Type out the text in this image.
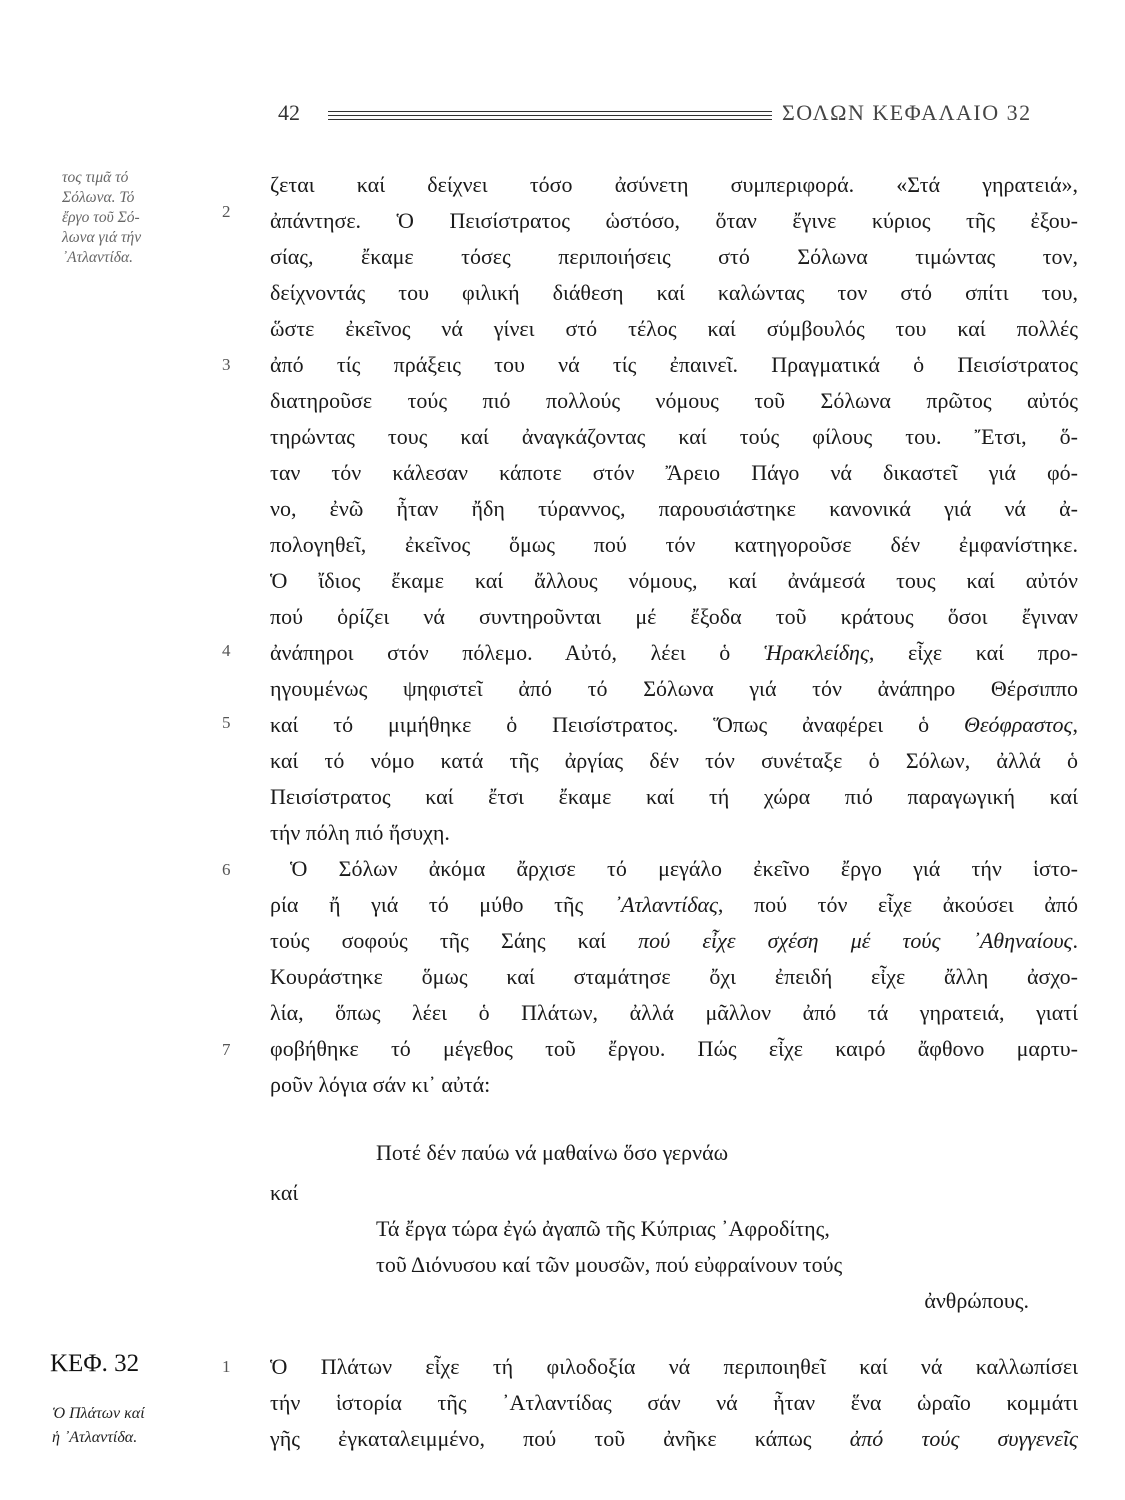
42	ΣΟΛΩΝ ΚΕΦΑΛΑΙΟ 32
τος τιμᾶ τό
Σόλωνα. Τό
ἔργο τοῦ Σό-
λωνα γιά τήν
᾽Ατλαντίδα.
2
3
4
5
6
7
1
ζεται καί δείχνει τόσο ἀσύνετη συμπεριφορά. «Στά γηρατειά»,
ἀπάντησε. Ὁ Πεισίστρατος ὡστόσο, ὅταν ἔγινε κύριος τῆς ἐξου-
σίας, ἔκαμε τόσες περιποιήσεις στό Σόλωνα τιμώντας τον,
δείχνοντάς του φιλική διάθεση καί καλώντας τον στό σπίτι του,
ὥστε ἐκεῖνος νά γίνει στό τέλος καί σύμβουλός του καί πολλές
ἀπό τίς πράξεις του νά τίς ἐπαινεῖ. Πραγματικά ὁ Πεισίστρατος
διατηροῦσε τούς πιό πολλούς νόμους τοῦ Σόλωνα πρῶτος αὐτός
τηρώντας τους καί ἀναγκάζοντας καί τούς φίλους του. Ἔτσι, ὅ-
ταν τόν κάλεσαν κάποτε στόν Ἄρειο Πάγο νά δικαστεῖ γιά φό-
νο, ἐνῶ ἦταν ἤδη τύραννος, παρουσιάστηκε κανονικά γιά νά ἀ-
πολογηθεῖ, ἐκεῖνος ὅμως πού τόν κατηγοροῦσε δέν ἐμφανίστηκε.
Ὁ ἴδιος ἔκαμε καί ἄλλους νόμους, καί ἀνάμεσά τους καί αὐτόν
πού ὁρίζει νά συντηροῦνται μέ ἔξοδα τοῦ κράτους ὅσοι ἔγιναν
ἀνάπηροι στόν πόλεμο. Αὐτό, λέει ὁ Ἡρακλείδης, εἶχε καί προ-
ηγουμένως ψηφιστεῖ ἀπό τό Σόλωνα γιά τόν ἀνάπηρο Θέρσιππο
καί τό μιμήθηκε ὁ Πεισίστρατος. Ὅπως ἀναφέρει ὁ Θεόφραστος,
καί τό νόμο κατά τῆς ἀργίας δέν τόν συνέταξε ὁ Σόλων, ἀλλά ὁ
Πεισίστρατος καί ἔτσι ἔκαμε καί τή χώρα πιό παραγωγική καί
τήν πόλη πιό ἥσυχη.
Ὁ Σόλων ἀκόμα ἄρχισε τό μεγάλο ἐκεῖνο ἔργο γιά τήν ἱστο-
ρία ἤ γιά τό μύθο τῆς ᾽Ατλαντίδας, πού τόν εἶχε ἀκούσει ἀπό
τούς σοφούς τῆς Σάης καί πού εἶχε σχέση μέ τούς ᾽Αθηναίους.
Κουράστηκε ὅμως καί σταμάτησε ὄχι ἐπειδή εἶχε ἄλλη ἀσχο-
λία, ὅπως λέει ὁ Πλάτων, ἀλλά μᾶλλον ἀπό τά γηρατειά, γιατί
φοβήθηκε τό μέγεθος τοῦ ἔργου. Πώς εἶχε καιρό ἄφθονο μαρτυ-
ροῦν λόγια σάν κι᾽ αὐτά:
Ποτέ δέν παύω νά μαθαίνω ὅσο γερνάω
καί
Τά ἔργα τώρα ἐγώ ἀγαπῶ τῆς Κύπριας ᾽Αφροδίτης,
τοῦ Διόνυσου καί τῶν μουσῶν, πού εὐφραίνουν τούς
ἀνθρώπους.
ΚΕΦ. 32
Ὁ Πλάτων καί
ἡ ᾽Ατλαντίδα.
Ὁ Πλάτων εἶχε τή φιλοδοξία νά περιποιηθεῖ καί νά καλλωπίσει
τήν ἱστορία τῆς ᾽Ατλαντίδας σάν νά ἦταν ἕνα ὡραῖο κομμάτι
γῆς ἐγκαταλειμμένο, πού τοῦ ἀνῆκε κάπως ἀπό τούς συγγενεῖς
